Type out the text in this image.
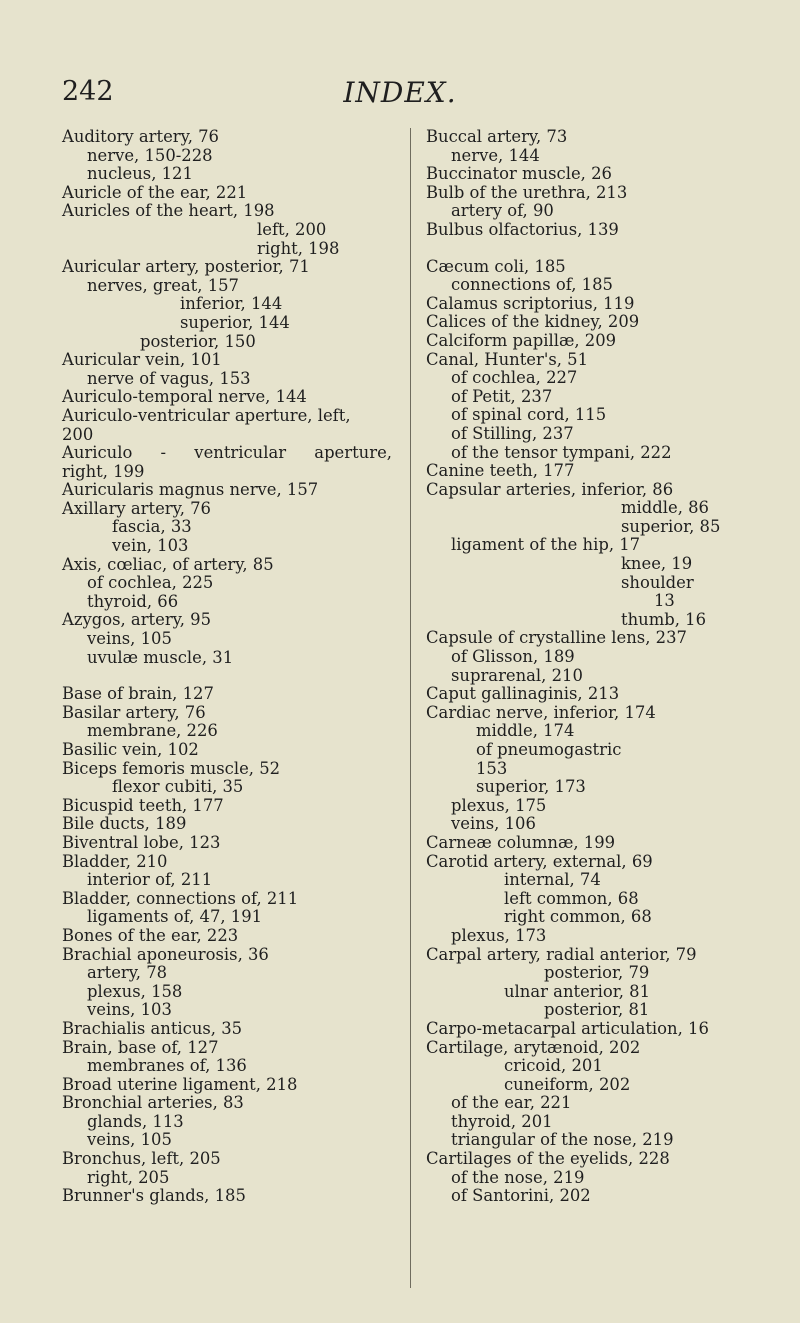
242	INDEX.
Auditory artery, 76
nerve, 150-228
nucleus, 121
Auricle of the ear, 221
Auricles of the heart, 198
left, 200
right, 198
Auricular artery, posterior, 71
nerves, great, 157
inferior, 144
superior, 144
posterior, 150
Auricular vein, 101
nerve of vagus, 153
Auriculo-temporal nerve, 144
Auriculo-ventricular aperture, left,
200
Auriculo - ventricular aperture,
right, 199
Auricularis magnus nerve, 157
Axillary artery, 76
fascia, 33
vein, 103
Axis, cœliac, of artery, 85
of cochlea, 225
thyroid, 66
Azygos, artery, 95
veins, 105
uvulæ muscle, 31
Base of brain, 127
Basilar artery, 76
membrane, 226
Basilic vein, 102
Biceps femoris muscle, 52
flexor cubiti, 35
Bicuspid teeth, 177
Bile ducts, 189
Biventral lobe, 123
Bladder, 210
interior of, 211
Bladder, connections of, 211
ligaments of, 47, 191
Bones of the ear, 223
Brachial aponeurosis, 36
artery, 78
plexus, 158
veins, 103
Brachialis anticus, 35
Brain, base of, 127
membranes of, 136
Broad uterine ligament, 218
Bronchial arteries, 83
glands, 113
veins, 105
Bronchus, left, 205
right, 205
Brunner's glands, 185
Buccal artery, 73
nerve, 144
Buccinator muscle, 26
Bulb of the urethra, 213
artery of, 90
Bulbus olfactorius, 139
Cæcum coli, 185
connections of, 185
Calamus scriptorius, 119
Calices of the kidney, 209
Calciform papillæ, 209
Canal, Hunter's, 51
of cochlea, 227
of Petit, 237
of spinal cord, 115
of Stilling, 237
of the tensor tympani, 222
Canine teeth, 177
Capsular arteries, inferior, 86
middle, 86
superior, 85
ligament of the hip, 17
knee, 19
shoulder
13
thumb, 16
Capsule of crystalline lens, 237
of Glisson, 189
suprarenal, 210
Caput gallinaginis, 213
Cardiac nerve, inferior, 174
middle, 174
of pneumogastric
153
superior, 173
plexus, 175
veins, 106
Carneæ columnæ, 199
Carotid artery, external, 69
internal, 74
left common, 68
right common, 68
plexus, 173
Carpal artery, radial anterior, 79
posterior, 79
ulnar anterior, 81
posterior, 81
Carpo-metacarpal articulation, 16
Cartilage, arytænoid, 202
cricoid, 201
cuneiform, 202
of the ear, 221
thyroid, 201
triangular of the nose, 219
Cartilages of the eyelids, 228
of the nose, 219
of Santorini, 202
